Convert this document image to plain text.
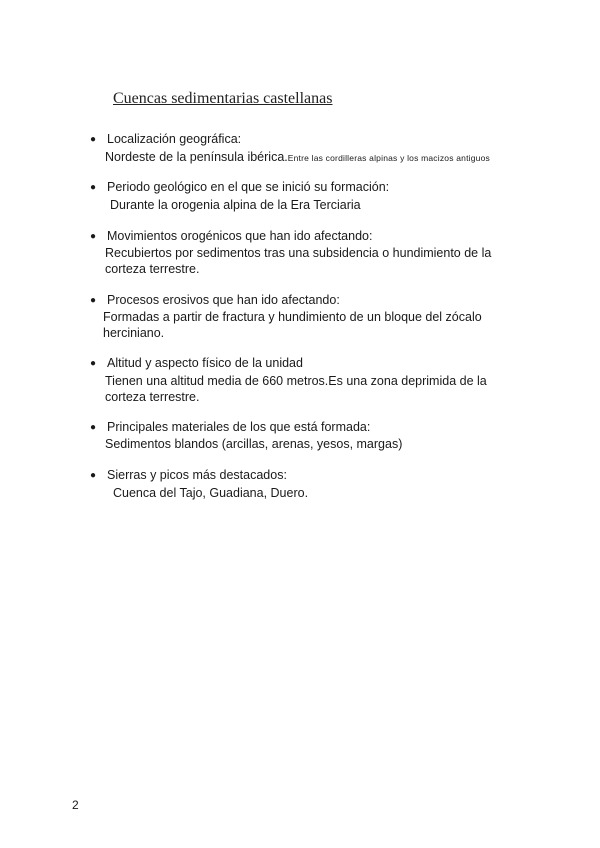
Cuencas sedimentarias castellanas
● Localización geográfica:
Nordeste de la península ibérica.Entre las cordilleras alpinas y los macizos antiguos
● Periodo geológico en el que se inició su formación:
Durante la orogenia alpina de la Era Terciaria
● Movimientos orogénicos que han ido afectando:
Recubiertos por sedimentos tras una subsidencia o hundimiento de la corteza terrestre.
● Procesos erosivos que han ido afectando:
Formadas a partir de fractura y hundimiento de un bloque del zócalo herciniano.
● Altitud y aspecto físico de la unidad
Tienen una altitud media de 660 metros.Es una zona deprimida de la corteza terrestre.
● Principales materiales de los que está formada:
Sedimentos blandos (arcillas, arenas, yesos, margas)
● Sierras y picos más destacados:
Cuenca del Tajo, Guadiana, Duero.
2
